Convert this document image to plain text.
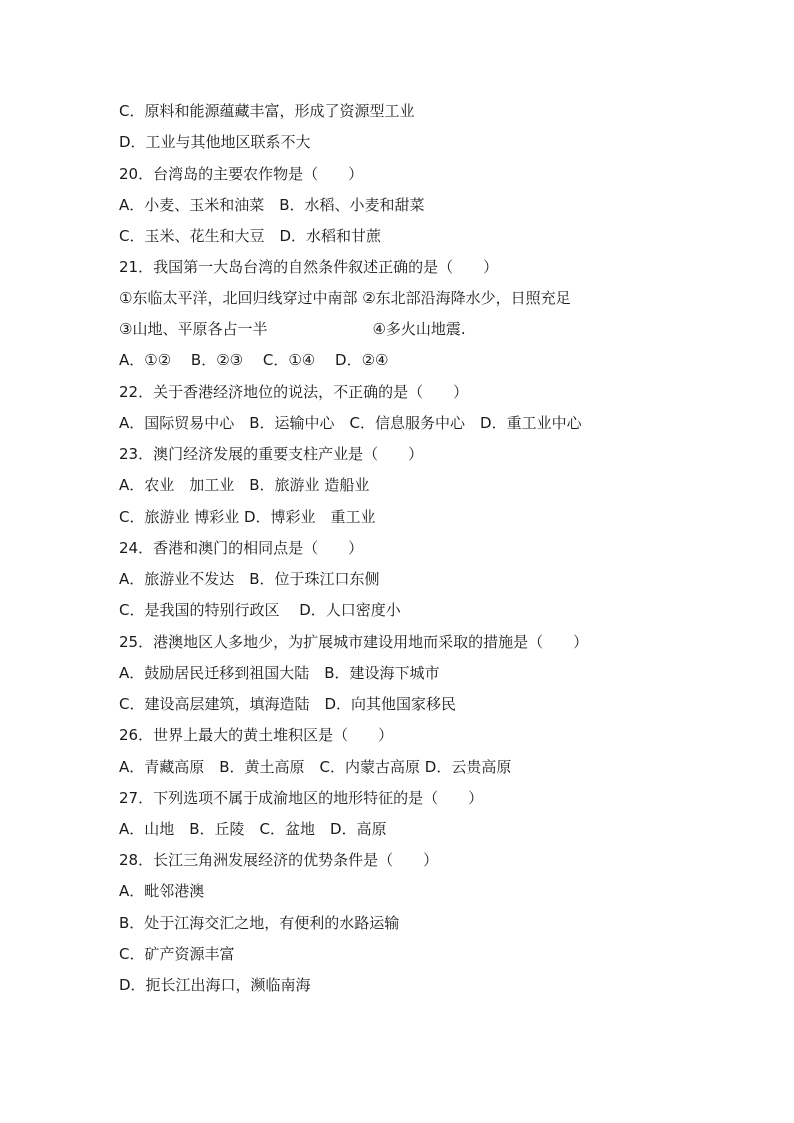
C．原料和能源蕴藏丰富，形成了资源型工业
D．工业与其他地区联系不大
20．台湾岛的主要农作物是（　　）
A．小麦、玉米和油菜　B．水稻、小麦和甜菜
C．玉米、花生和大豆　D．水稻和甘蔗
21．我国第一大岛台湾的自然条件叙述正确的是（　　）
①东临太平洋，北回归线穿过中南部 ②东北部沿海降水少，日照充足
③山地、平原各占一半　　　　　　　④多火山地震.
A．①②　 B．②③　 C．①④　 D．②④
22．关于香港经济地位的说法，不正确的是（　　）
A．国际贸易中心　B．运输中心　C．信息服务中心　D．重工业中心
23．澳门经济发展的重要支柱产业是（　　）
A．农业　加工业　B．旅游业 造船业
C．旅游业 博彩业 D．博彩业　重工业
24．香港和澳门的相同点是（　　）
A．旅游业不发达　B．位于珠江口东侧
C．是我国的特别行政区　 D．人口密度小
25．港澳地区人多地少，为扩展城市建设用地而采取的措施是（　　）
A．鼓励居民迁移到祖国大陆　B．建设海下城市
C．建设高层建筑，填海造陆　D．向其他国家移民
26．世界上最大的黄土堆积区是（　　）
A．青藏高原　B．黄土高原　C．内蒙古高原 D．云贵高原
27．下列选项不属于成渝地区的地形特征的是（　　）
A．山地　B．丘陵　C．盆地　D．高原
28．长江三角洲发展经济的优势条件是（　　）
A．毗邻港澳
B．处于江海交汇之地，有便利的水路运输
C．矿产资源丰富
D．扼长江出海口，濒临南海
